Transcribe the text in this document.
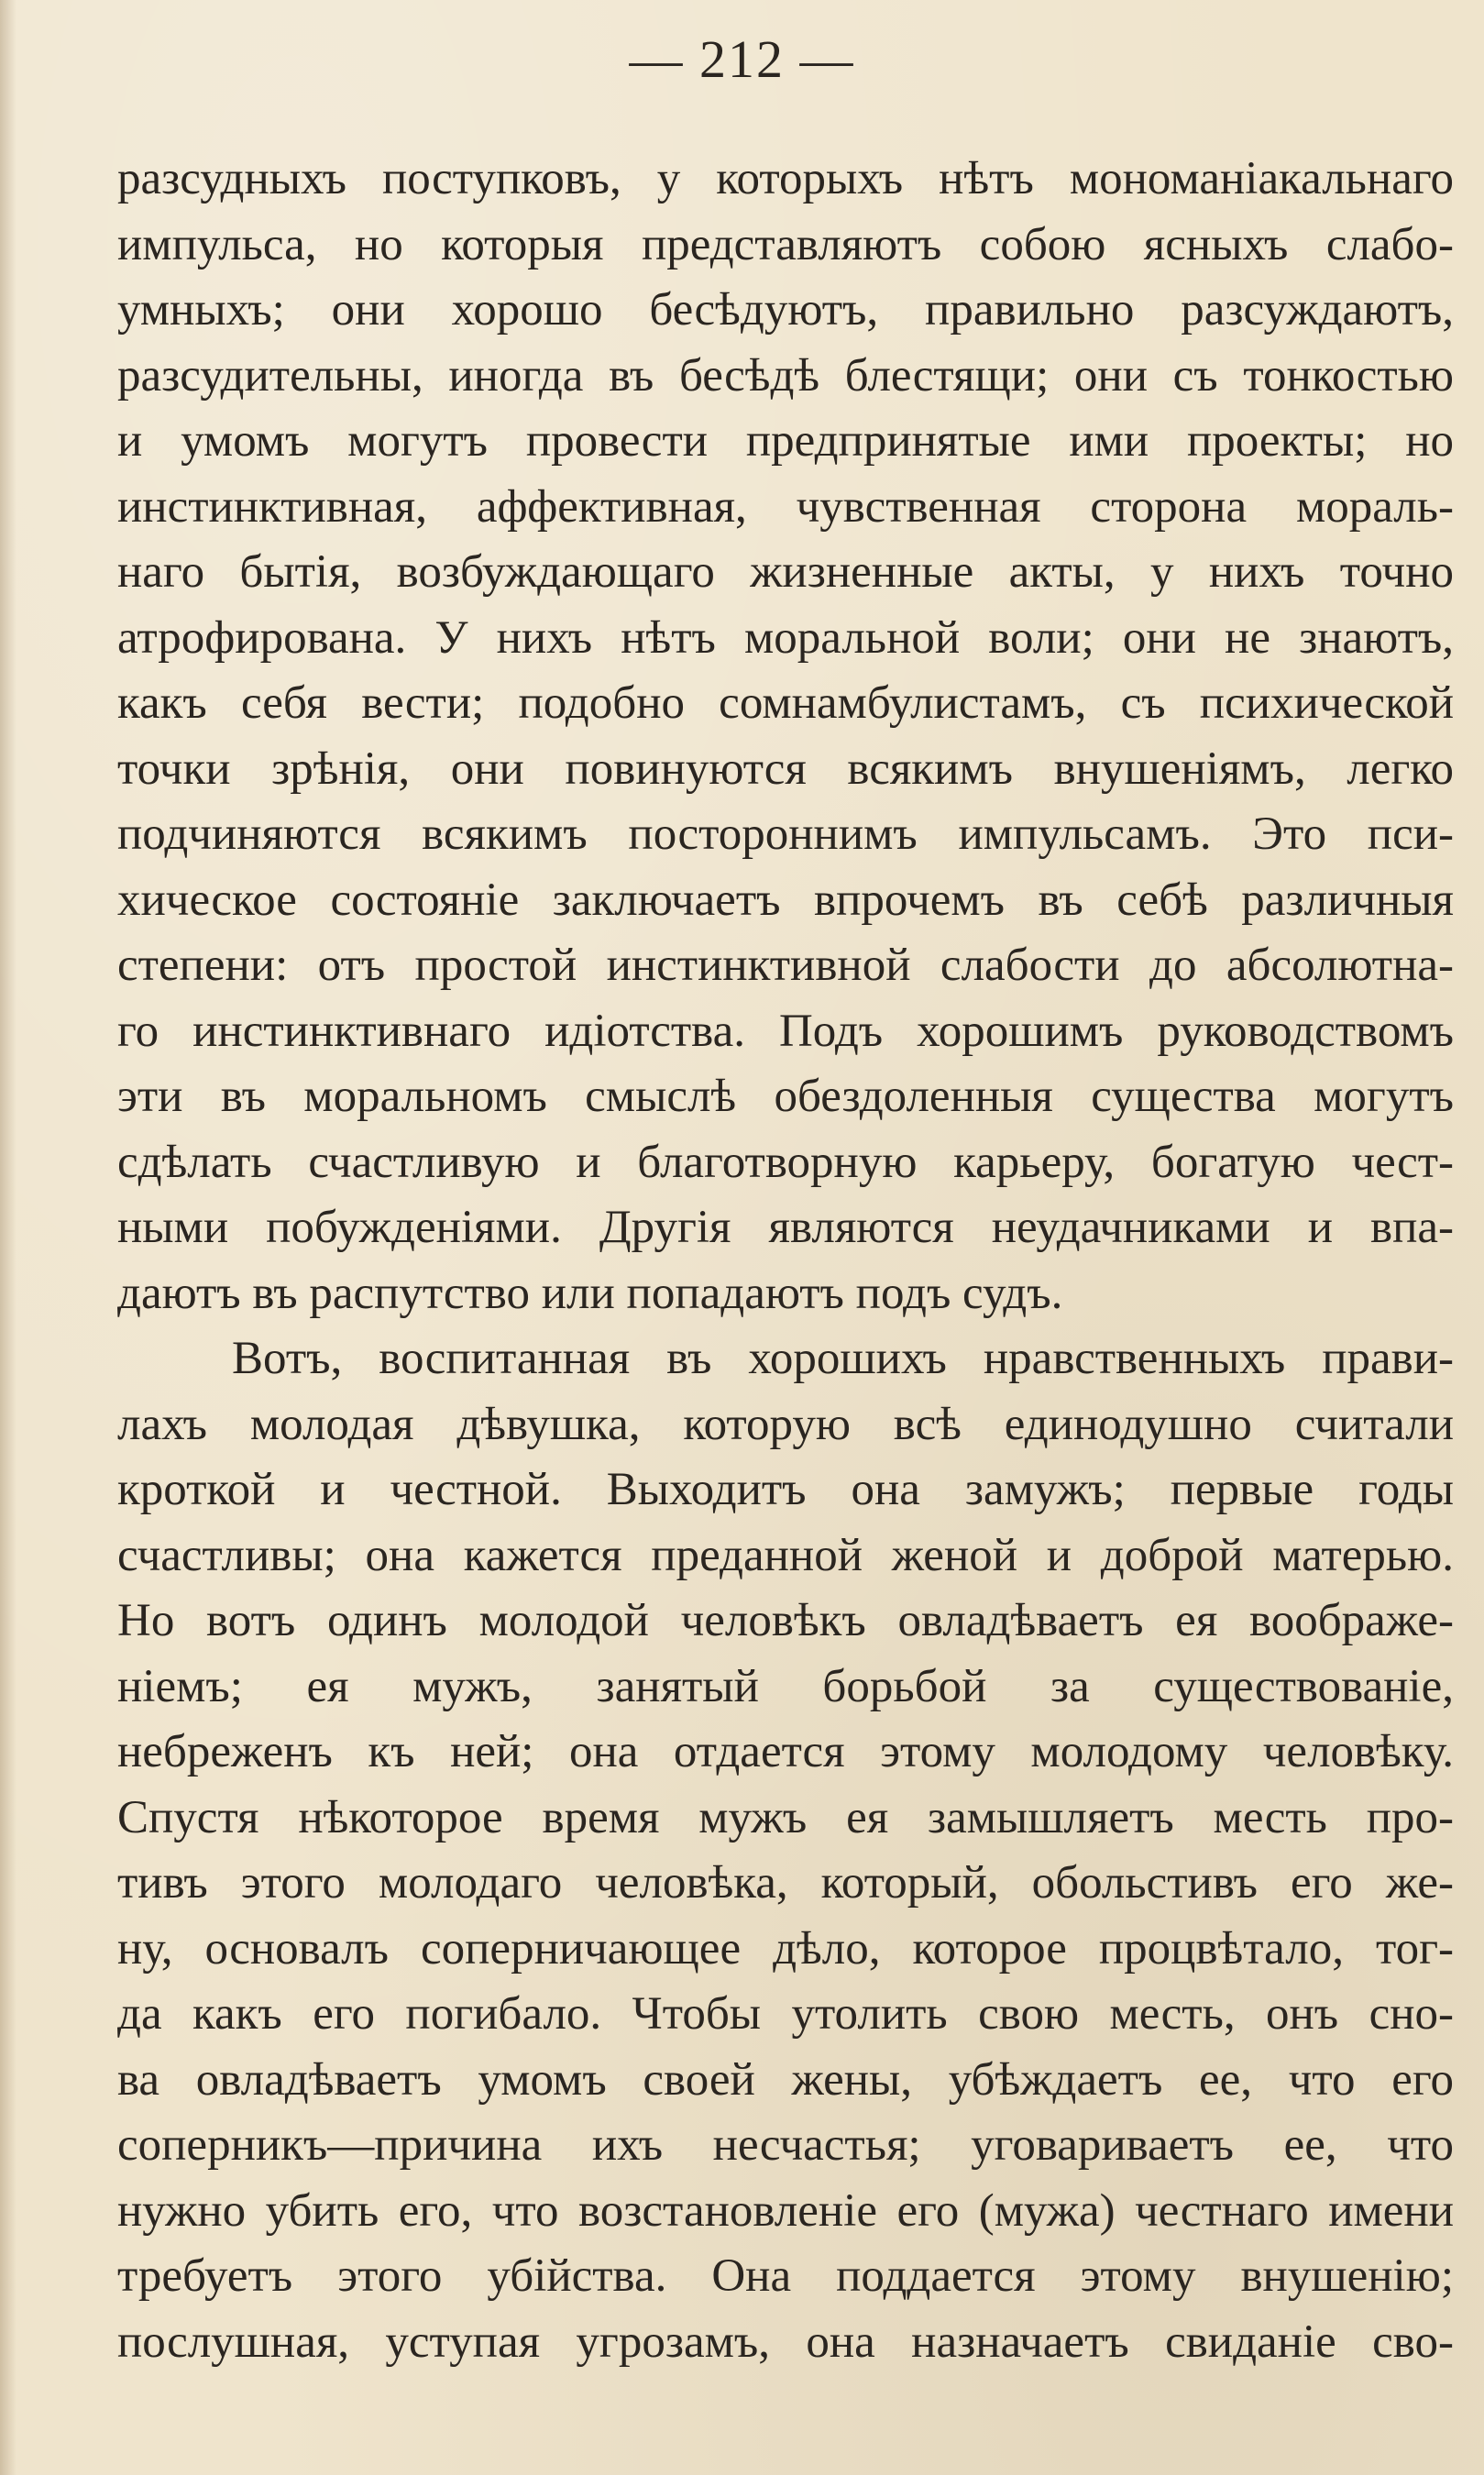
— 212 —
разсудныхъ поступковъ, у которыхъ нѣтъ мономаніакальнаго
импульса, но которыя представляютъ собою ясныхъ слабо-
умныхъ; они хорошо бесѣдуютъ, правильно разсуждаютъ,
разсудительны, иногда въ бесѣдѣ блестящи; они съ тонкостью
и умомъ могутъ провести предпринятые ими проекты; но
инстинктивная, аффективная, чувственная сторона мораль-
наго бытія, возбуждающаго жизненные акты, у нихъ точно
атрофирована. У нихъ нѣтъ моральной воли; они не знаютъ,
какъ себя вести; подобно сомнамбулистамъ, съ психической
точки зрѣнія, они повинуются всякимъ внушеніямъ, легко
подчиняются всякимъ постороннимъ импульсамъ. Это пси-
хическое состояніе заключаетъ впрочемъ въ себѣ различныя
степени: отъ простой инстинктивной слабости до абсолютна-
го инстинктивнаго идіотства. Подъ хорошимъ руководствомъ
эти въ моральномъ смыслѣ обездоленныя существа могутъ
сдѣлать счастливую и благотворную карьеру, богатую чест-
ными побужденіями. Другія являются неудачниками и впа-
даютъ въ распутство или попадаютъ подъ судъ.
Вотъ, воспитанная въ хорошихъ нравственныхъ прави-
лахъ молодая дѣвушка, которую всѣ единодушно считали
кроткой и честной. Выходитъ она замужъ; первые годы
счастливы; она кажется преданной женой и доброй матерью.
Но вотъ одинъ молодой человѣкъ овладѣваетъ ея воображе-
ніемъ; ея мужъ, занятый борьбой за существованіе,
небреженъ къ ней; она отдается этому молодому человѣку.
Спустя нѣкоторое время мужъ ея замышляетъ месть про-
тивъ этого молодаго человѣка, который, обольстивъ его же-
ну, основалъ соперничающее дѣло, которое процвѣтало, тог-
да какъ его погибало. Чтобы утолить свою месть, онъ сно-
ва овладѣваетъ умомъ своей жены, убѣждаетъ ее, что его
соперникъ—причина ихъ несчастья; уговариваетъ ее, что
нужно убить его, что возстановленіе его (мужа) честнаго имени
требуетъ этого убійства. Она поддается этому внушенію;
послушная, уступая угрозамъ, она назначаетъ свиданіе сво-
